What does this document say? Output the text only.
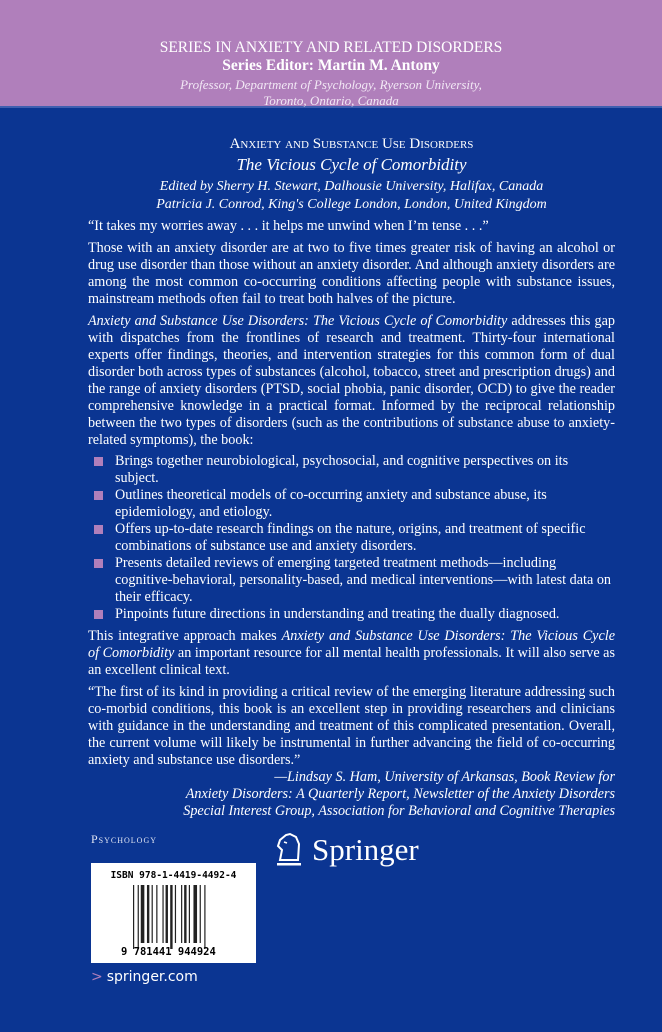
SERIES IN ANXIETY AND RELATED DISORDERS
Series Editor: Martin M. Antony
Professor, Department of Psychology, Ryerson University,
Toronto, Ontario, Canada
Anxiety and Substance Use Disorders
The Vicious Cycle of Comorbidity
Edited by Sherry H. Stewart, Dalhousie University, Halifax, Canada
Patricia J. Conrod, King's College London, London, United Kingdom

“It takes my worries away . . . it helps me unwind when I’m tense . . .”

Those with an anxiety disorder are at two to five times greater risk of having an alcohol or drug use disorder than those without an anxiety disorder. And although anxiety disorders are among the most common co-occurring conditions affecting people with substance issues, mainstream methods often fail to treat both halves of the picture.

Anxiety and Substance Use Disorders: The Vicious Cycle of Comorbidity addresses this gap with dispatches from the frontlines of research and treatment. Thirty-four international experts offer findings, theories, and intervention strategies for this common form of dual disorder both across types of substances (alcohol, tobacco, street and prescription drugs) and the range of anxiety disorders (PTSD, social phobia, panic disorder, OCD) to give the reader comprehensive knowledge in a practical format. Informed by the reciprocal relationship between the two types of disorders (such as the contributions of substance abuse to anxiety-related symptoms), the book:

Brings together neurobiological, psychosocial, and cognitive perspectives on its subject.
Outlines theoretical models of co-occurring anxiety and substance abuse, its epidemiology, and etiology.
Offers up-to-date research findings on the nature, origins, and treatment of specific combinations of substance use and anxiety disorders.
Presents detailed reviews of emerging targeted treatment methods—including cognitive-behavioral, personality-based, and medical interventions—with latest data on their efficacy.
Pinpoints future directions in understanding and treating the dually diagnosed.

This integrative approach makes Anxiety and Substance Use Disorders: The Vicious Cycle of Comorbidity an important resource for all mental health professionals. It will also serve as an excellent clinical text.

“The first of its kind in providing a critical review of the emerging literature addressing such co-morbid conditions, this book is an excellent step in providing researchers and clinicians with guidance in the understanding and treatment of this complicated presentation. Overall, the current volume will likely be instrumental in further advancing the field of co-occurring anxiety and substance use disorders.”

—Lindsay S. Ham, University of Arkansas, Book Review for
Anxiety Disorders: A Quarterly Report, Newsletter of the Anxiety Disorders
Special Interest Group, Association for Behavioral and Cognitive Therapies
Psychology	Springer
ISBN 978-1-4419-4492-4
9 781441 944924
> springer.com
